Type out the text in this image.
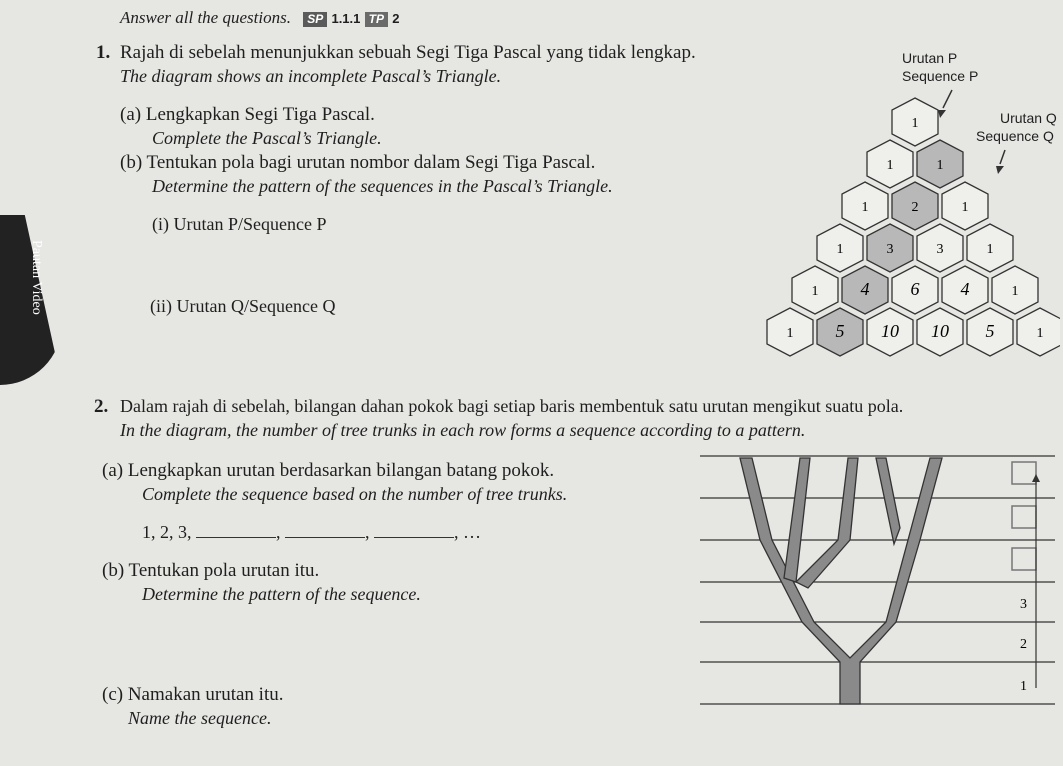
Pautan Video
Answer all the questions. SP 1.1.1 TP 2
1. Rajah di sebelah menunjukkan sebuah Segi Tiga Pascal yang tidak lengkap.
The diagram shows an incomplete Pascal’s Triangle.
(a) Lengkapkan Segi Tiga Pascal.
Complete the Pascal’s Triangle.
(b) Tentukan pola bagi urutan nombor dalam Segi Tiga Pascal.
Determine the pattern of the sequences in the Pascal’s Triangle.
(i) Urutan P/Sequence P
(ii) Urutan Q/Sequence Q
Urutan P
Sequence P
Urutan Q
Sequence Q
1
1	1
1	2	1
1	3	3	1
1 4 6 4	1
1 5 10 10 5	1
2. Dalam rajah di sebelah, bilangan dahan pokok bagi setiap baris membentuk satu urutan mengikut suatu pola.
In the diagram, the number of tree trunks in each row forms a sequence according to a pattern.
(a) Lengkapkan urutan berdasarkan bilangan batang pokok.
Complete the sequence based on the number of tree trunks.
1, 2, 3,	,	,	, …
(b) Tentukan pola urutan itu.
Determine the pattern of the sequence.
(c) Namakan urutan itu.
Name the sequence.
3
2
1
